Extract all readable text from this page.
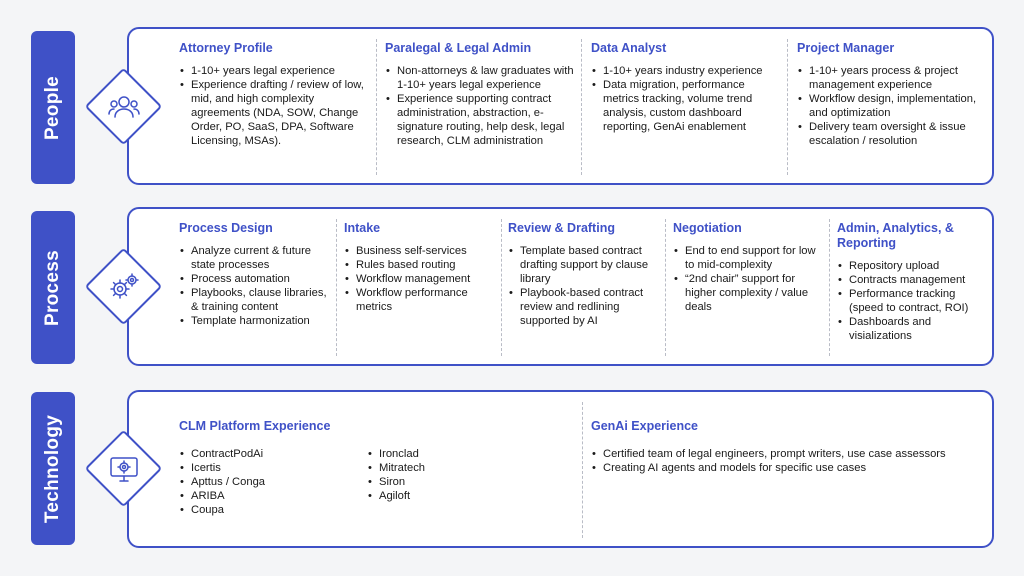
People
Attorney Profile
• 1-10+ years legal experience
• Experience drafting / review of low, mid, and high complexity agreements (NDA, SOW, Change Order, PO, SaaS, DPA, Software Licensing, MSAs).
Paralegal & Legal Admin
• Non-attorneys & law graduates with 1-10+ years legal experience
• Experience supporting contract administration, abstraction, e-signature routing, help desk, legal research, CLM administration
Data Analyst
• 1-10+ years industry experience
• Data migration, performance metrics tracking, volume trend analysis, custom dashboard reporting, GenAi enablement
Project Manager
• 1-10+ years process & project management experience
• Workflow design, implementation, and optimization
• Delivery team oversight & issue escalation / resolution
Process
Process Design
• Analyze current & future state processes
• Process automation
• Playbooks, clause libraries, & training content
• Template harmonization
Intake
• Business self-services
• Rules based routing
• Workflow management
• Workflow performance metrics
Review & Drafting
• Template based contract drafting support by clause library
• Playbook-based contract review and redlining supported by AI
Negotiation
• End to end support for low to mid-complexity
• “2nd chair” support for higher complexity / value deals
Admin, Analytics, & Reporting
• Repository upload
• Contracts management
• Performance tracking (speed to contract, ROI)
• Dashboards and visializations
Technology	CLM Platform Experience
• ContractPodAi
• Icertis
• Apttus / Conga
• ARIBA
• Coupa
• Ironclad
• Mitratech
• Siron
• Agiloft
GenAi Experience
• Certified team of legal engineers, prompt writers, use case assessors
• Creating AI agents and models for specific use cases
